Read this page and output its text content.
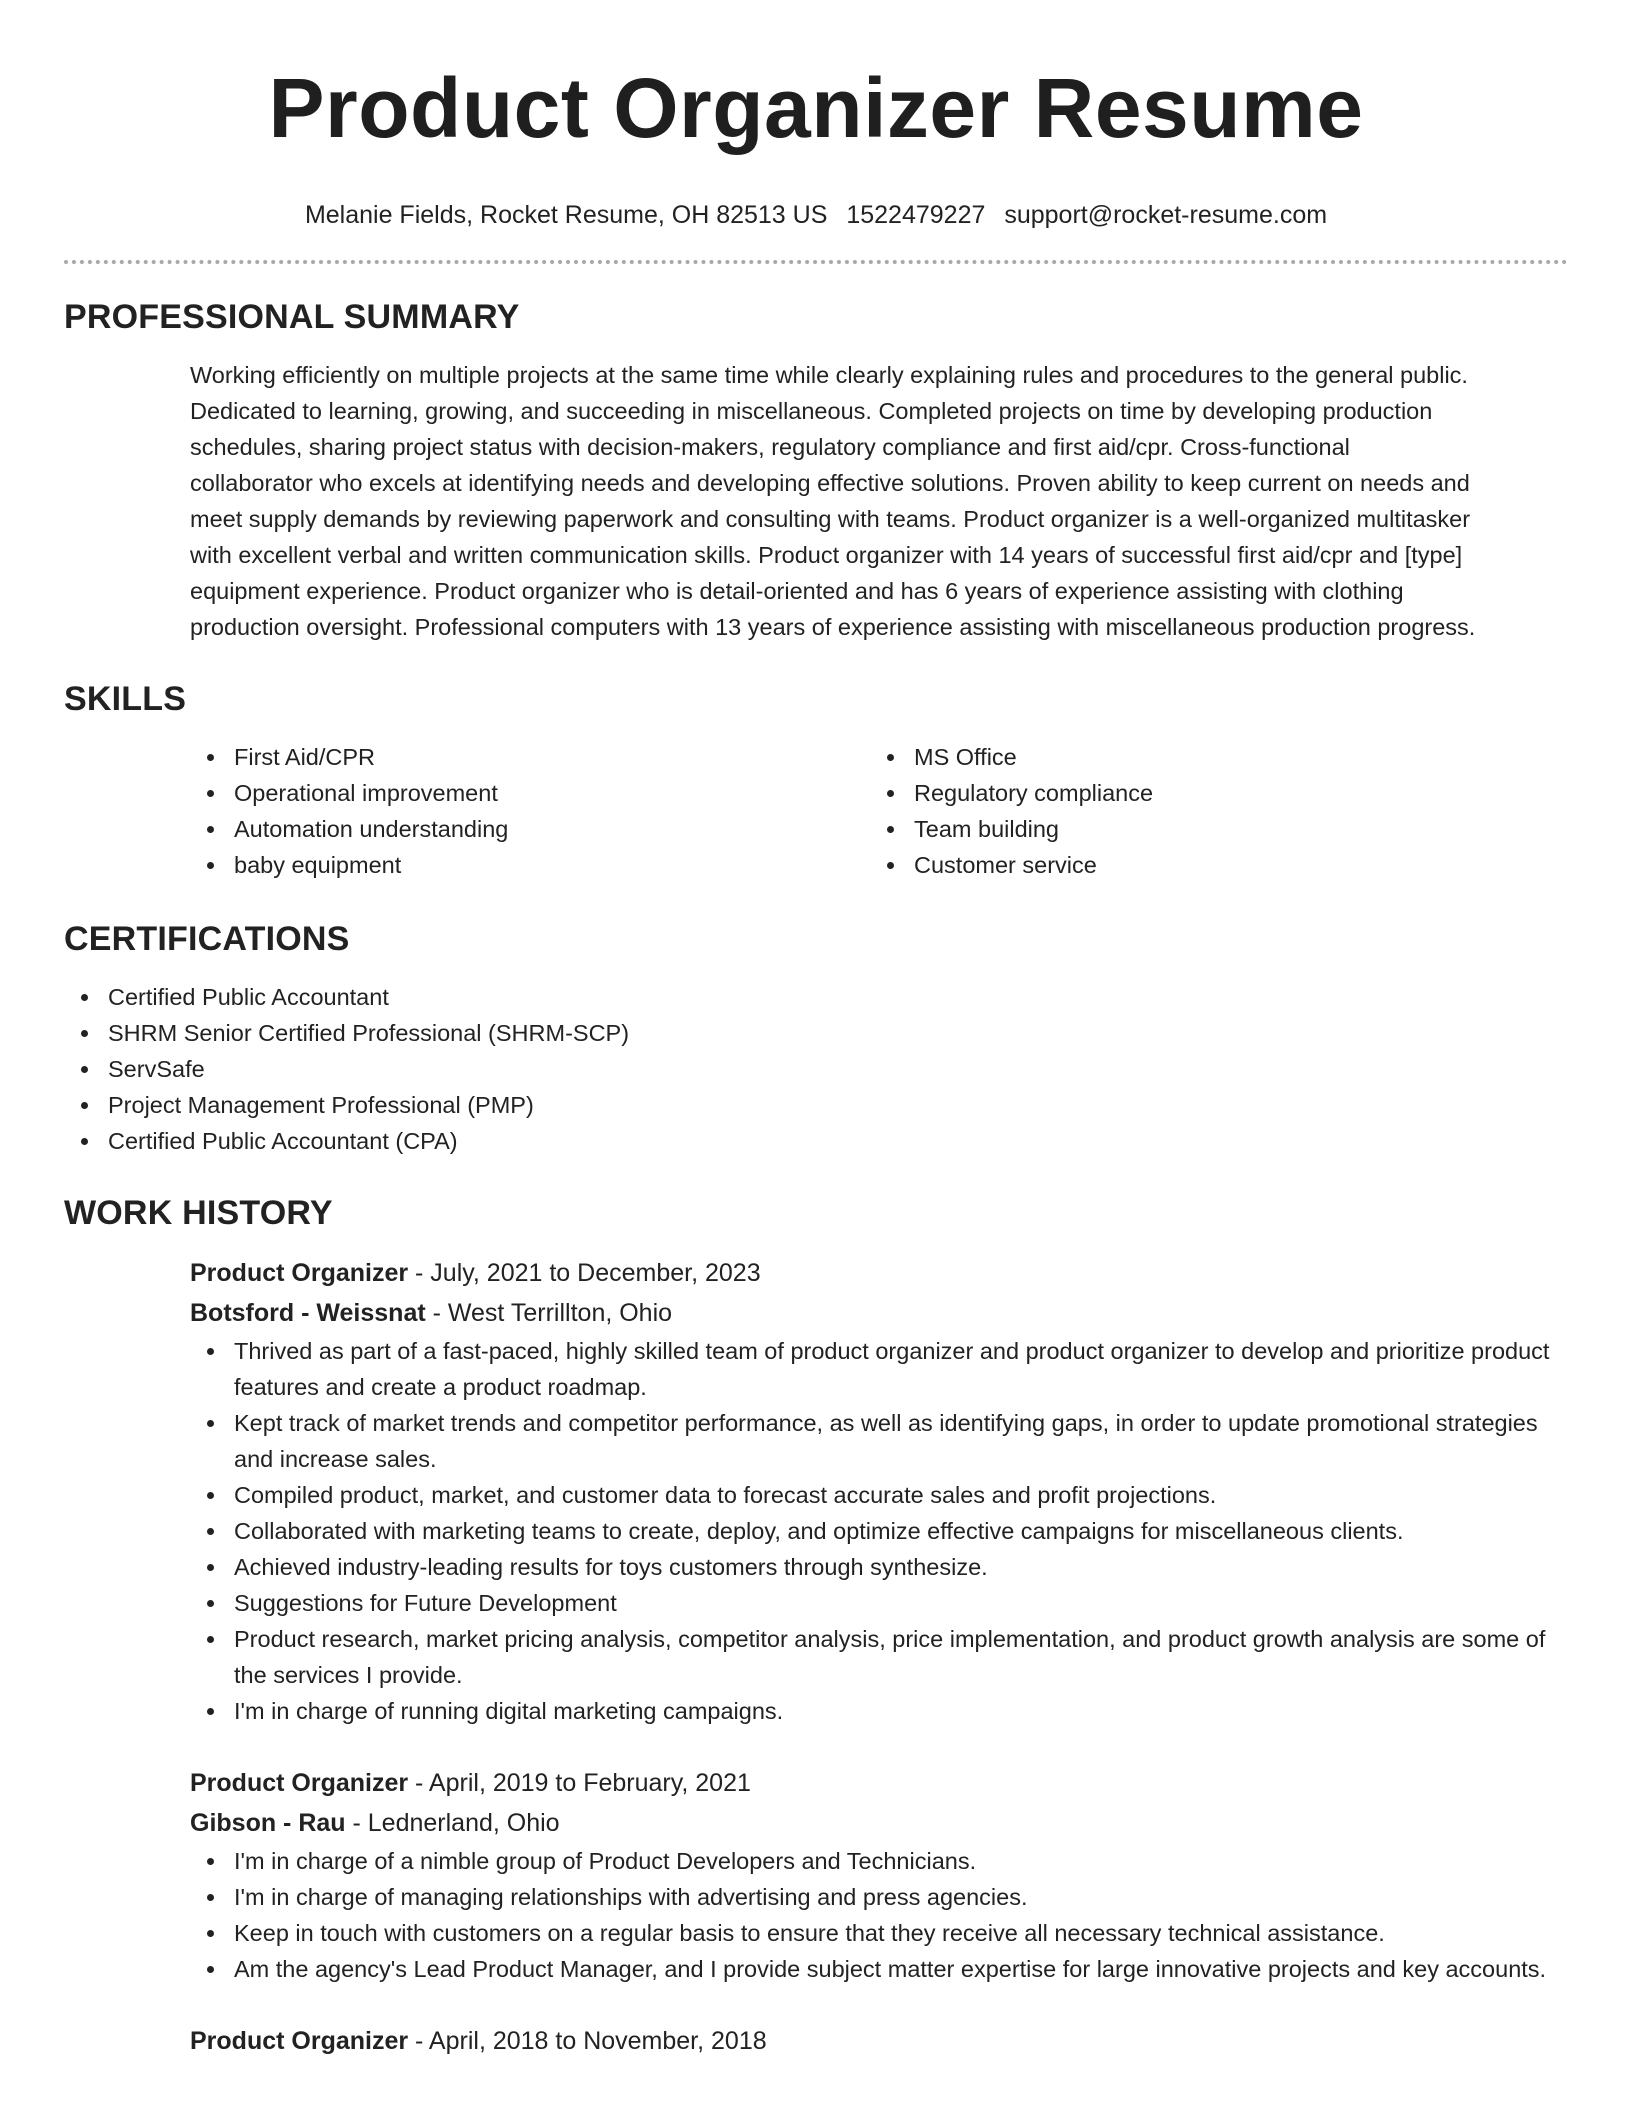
Product Organizer Resume
Melanie Fields, Rocket Resume, OH 82513 US 1522479227 support@rocket-resume.com
PROFESSIONAL SUMMARY
Working efficiently on multiple projects at the same time while clearly explaining rules and procedures to the general public.
Dedicated to learning, growing, and succeeding in miscellaneous. Completed projects on time by developing production
schedules, sharing project status with decision-makers, regulatory compliance and first aid/cpr. Cross-functional
collaborator who excels at identifying needs and developing effective solutions. Proven ability to keep current on needs and
meet supply demands by reviewing paperwork and consulting with teams. Product organizer is a well-organized multitasker
with excellent verbal and written communication skills. Product organizer with 14 years of successful first aid/cpr and [type]
equipment experience. Product organizer who is detail-oriented and has 6 years of experience assisting with clothing
production oversight. Professional computers with 13 years of experience assisting with miscellaneous production progress.
SKILLS
First Aid/CPR
Operational improvement
Automation understanding
baby equipment
MS Office
Regulatory compliance
Team building
Customer service
CERTIFICATIONS
Certified Public Accountant
SHRM Senior Certified Professional (SHRM-SCP)
ServSafe
Project Management Professional (PMP)
Certified Public Accountant (CPA)
WORK HISTORY
Product Organizer - July, 2021 to December, 2023
Botsford - Weissnat - West Terrillton, Ohio
Thrived as part of a fast-paced, highly skilled team of product organizer and product organizer to develop and prioritize product features and create a product roadmap.
Kept track of market trends and competitor performance, as well as identifying gaps, in order to update promotional strategies and increase sales.
Compiled product, market, and customer data to forecast accurate sales and profit projections.
Collaborated with marketing teams to create, deploy, and optimize effective campaigns for miscellaneous clients.
Achieved industry-leading results for toys customers through synthesize.
Suggestions for Future Development
Product research, market pricing analysis, competitor analysis, price implementation, and product growth analysis are some of the services I provide.
I'm in charge of running digital marketing campaigns.
Product Organizer - April, 2019 to February, 2021
Gibson - Rau - Lednerland, Ohio
I'm in charge of a nimble group of Product Developers and Technicians.
I'm in charge of managing relationships with advertising and press agencies.
Keep in touch with customers on a regular basis to ensure that they receive all necessary technical assistance.
Am the agency's Lead Product Manager, and I provide subject matter expertise for large innovative projects and key accounts.
Product Organizer - April, 2018 to November, 2018
